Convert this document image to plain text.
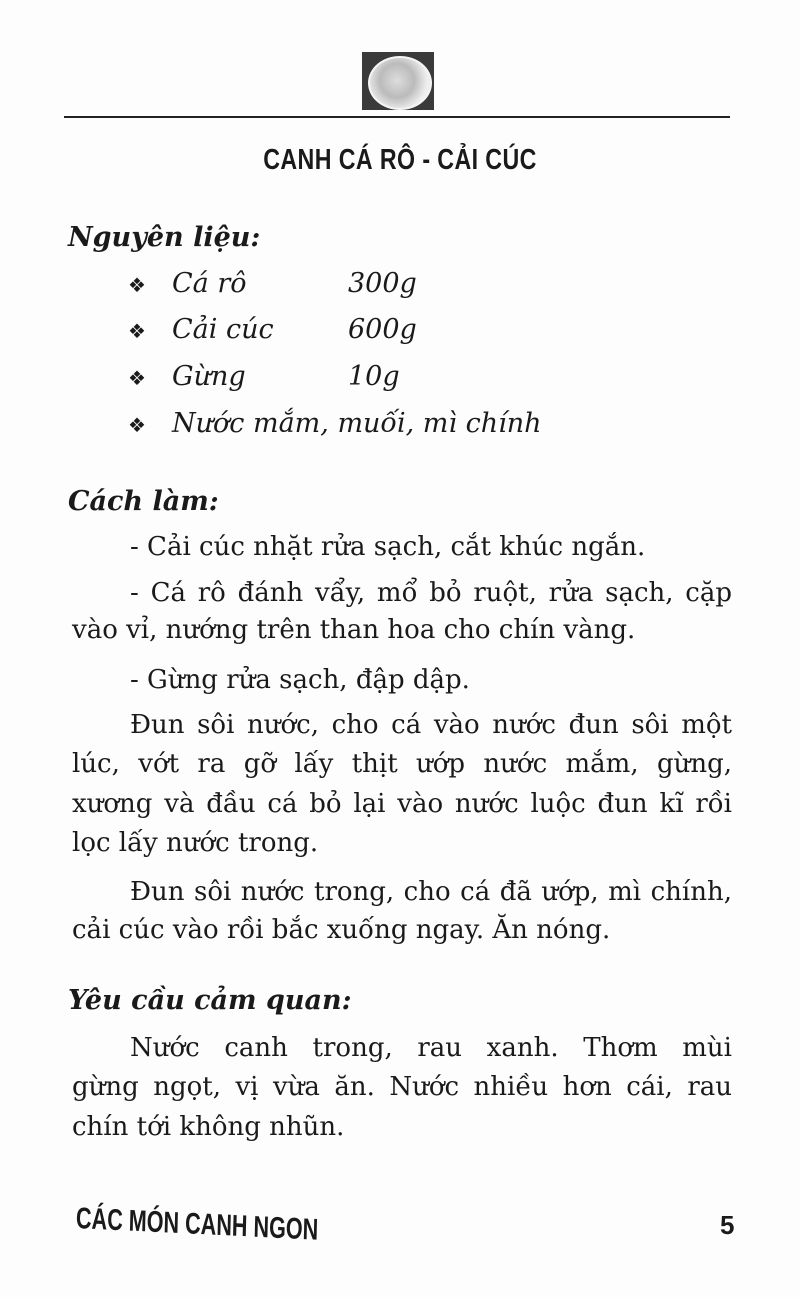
CANH CÁ RÔ - CẢI CÚC
Nguyên liệu:
❖ Cá rô	300g
❖ Cải cúc	600g
❖ Gừng	10g
❖ Nước mắm, muối, mì chính
Cách làm:
- Cải cúc nhặt rửa sạch, cắt khúc ngắn.
- Cá rô đánh vẩy, mổ bỏ ruột, rửa sạch, cặp
vào vỉ, nướng trên than hoa cho chín vàng.
- Gừng rửa sạch, đập dập.
Đun sôi nước, cho cá vào nước đun sôi một
lúc, vớt ra gỡ lấy thịt ướp nước mắm, gừng,
xương và đầu cá bỏ lại vào nước luộc đun kĩ rồi
lọc lấy nước trong.
Đun sôi nước trong, cho cá đã ướp, mì chính,
cải cúc vào rồi bắc xuống ngay. Ăn nóng.
Yêu cầu cảm quan:
Nước canh trong, rau xanh. Thơm mùi
gừng ngọt, vị vừa ăn. Nước nhiều hơn cái, rau
chín tới không nhũn.
CÁC MÓN CANH NGON	5
